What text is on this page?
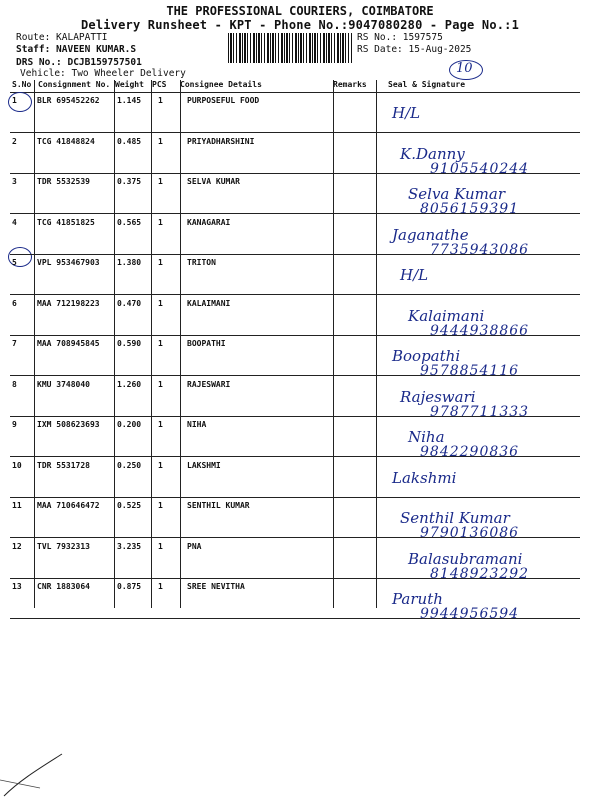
THE PROFESSIONAL COURIERS, COIMBATORE
Delivery Runsheet - KPT - Phone No.:9047080280 - Page No.:1
Route: KALAPATTI
Staff: NAVEEN KUMAR.S
DRS No.: DCJB159757501
Vehicle: Two Wheeler Delivery
RS No.: 1597575
RS Date: 15-Aug-2025
10
S.No Consignment No. Weight PCS Consignee Details	Remarks	Seal & Signature
1	BLR 695452262 1.145 1	PURPOSEFUL FOOD
H/L
2	TCG 41848824	0.485 1	PRIYADHARSHINI
K.Danny
9105540244
3	TDR 5532539	0.375 1	SELVA KUMAR
Selva Kumar
8056159391
4	TCG 41851825	0.565 1	KANAGARAI
Jaganathe
7735943086
5	VPL 953467903 1.380 1	TRITON
H/L
6	MAA 712198223 0.470 1	KALAIMANI
Kalaimani
9444938866
7	MAA 708945845 0.590 1	BOOPATHI
Boopathi
9578854116
8	KMU 3748040	1.260 1	RAJESWARI
Rajeswari
9787711333
9	IXM 508623693 0.200 1	NIHA
Niha
9842290836
10 TDR 5531728	0.250 1	LAKSHMI
Lakshmi
11 MAA 710646472 0.525 1	SENTHIL KUMAR
Senthil Kumar
9790136086
12 TVL 7932313	3.235 1	PNA
Balasubramani
8148923292
13 CNR 1883064	0.875 1	SREE NEVITHA
Paruth
9944956594
